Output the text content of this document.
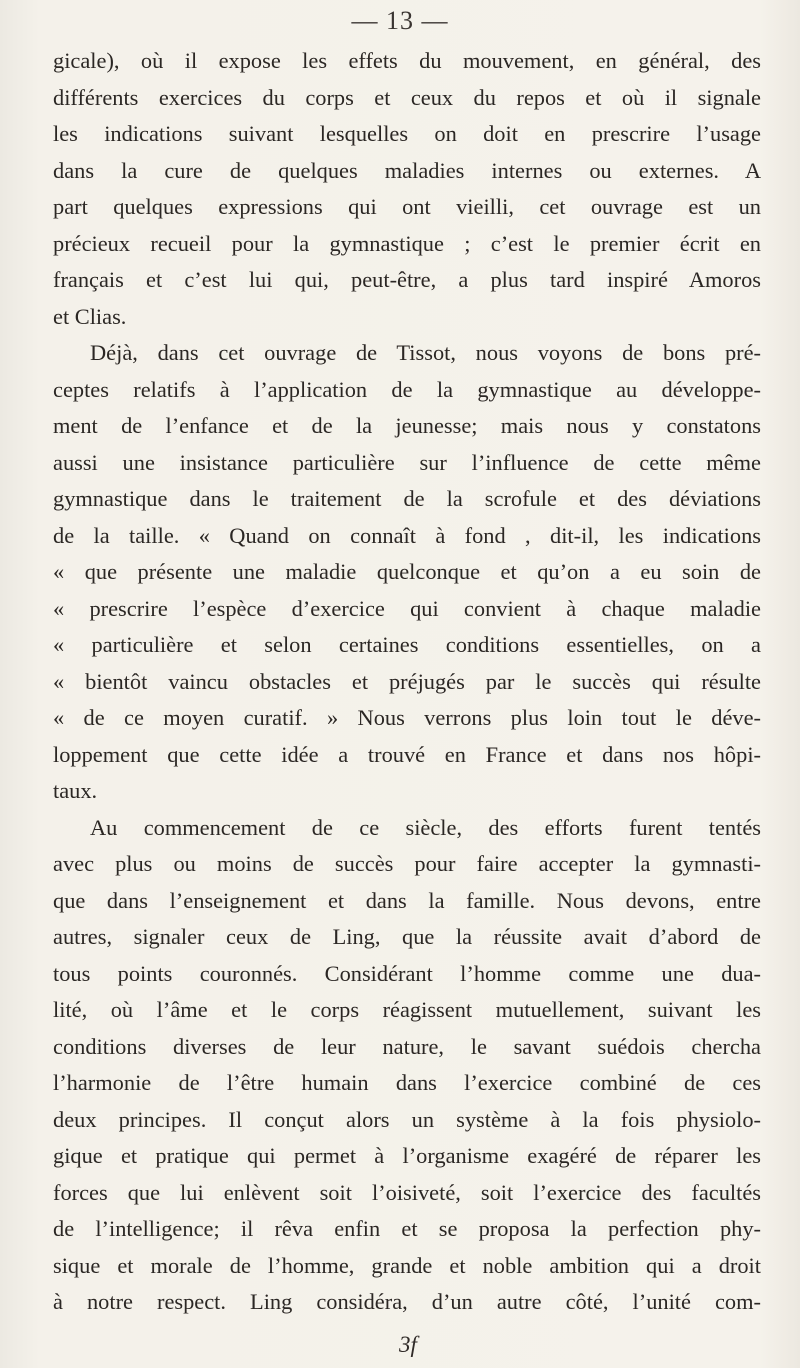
— 13 —
gicale), où il expose les effets du mouvement, en général, des
différents exercices du corps et ceux du repos et où il signale
les indications suivant lesquelles on doit en prescrire l’usage
dans la cure de quelques maladies internes ou externes. A
part quelques expressions qui ont vieilli, cet ouvrage est un
précieux recueil pour la gymnastique ; c’est le premier écrit en
français et c’est lui qui, peut-être, a plus tard inspiré Amoros
et Clias.
Déjà, dans cet ouvrage de Tissot, nous voyons de bons pré-
ceptes relatifs à l’application de la gymnastique au développe-
ment de l’enfance et de la jeunesse; mais nous y constatons
aussi une insistance particulière sur l’influence de cette même
gymnastique dans le traitement de la scrofule et des déviations
de la taille. « Quand on connaît à fond , dit-il, les indications
« que présente une maladie quelconque et qu’on a eu soin de
« prescrire l’espèce d’exercice qui convient à chaque maladie
« particulière et selon certaines conditions essentielles, on a
« bientôt vaincu obstacles et préjugés par le succès qui résulte
« de ce moyen curatif. » Nous verrons plus loin tout le déve-
loppement que cette idée a trouvé en France et dans nos hôpi-
taux.
Au commencement de ce siècle, des efforts furent tentés
avec plus ou moins de succès pour faire accepter la gymnasti-
que dans l’enseignement et dans la famille. Nous devons, entre
autres, signaler ceux de Ling, que la réussite avait d’abord de
tous points couronnés. Considérant l’homme comme une dua-
lité, où l’âme et le corps réagissent mutuellement, suivant les
conditions diverses de leur nature, le savant suédois chercha
l’harmonie de l’être humain dans l’exercice combiné de ces
deux principes. Il conçut alors un système à la fois physiolo-
gique et pratique qui permet à l’organisme exagéré de réparer les
forces que lui enlèvent soit l’oisiveté, soit l’exercice des facultés
de l’intelligence; il rêva enfin et se proposa la perfection phy-
sique et morale de l’homme, grande et noble ambition qui a droit
à notre respect. Ling considéra, d’un autre côté, l’unité com-
3f
